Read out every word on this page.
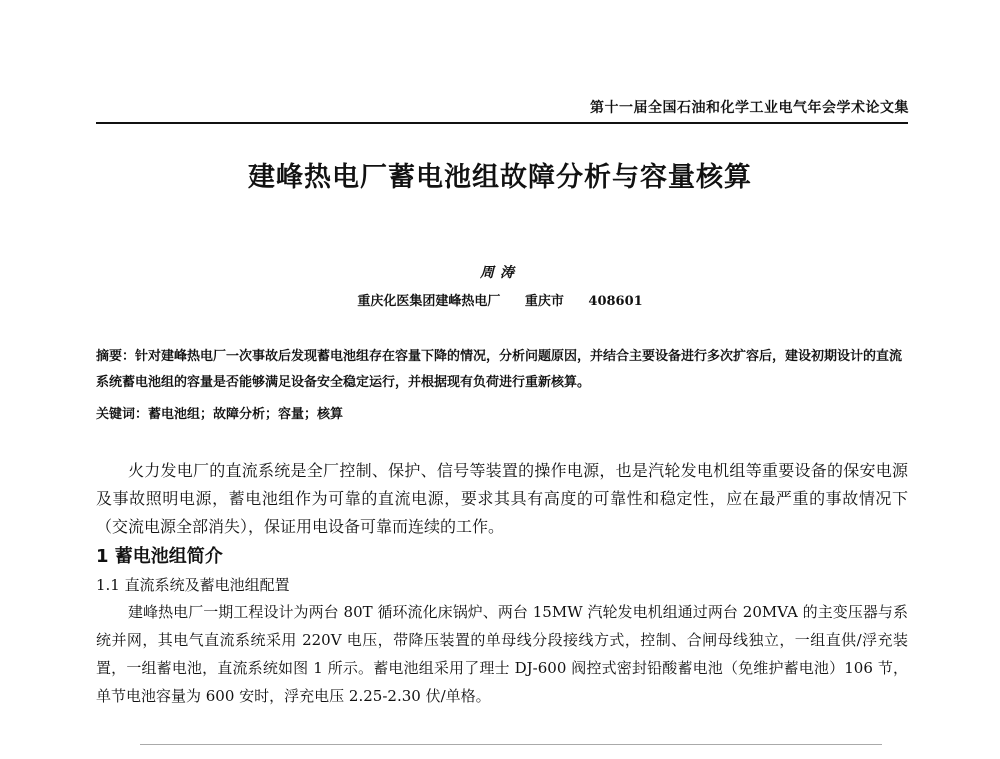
第十一届全国石油和化学工业电气年会学术论文集
建峰热电厂蓄电池组故障分析与容量核算
周涛
重庆化医集团建峰热电厂 重庆市 408601
摘要：针对建峰热电厂一次事故后发现蓄电池组存在容量下降的情况，分析问题原因，并结合主要设备进行多次扩容后，建设初期设计的直流系统蓄电池组的容量是否能够满足设备安全稳定运行，并根据现有负荷进行重新核算。
关键词：蓄电池组；故障分析；容量；核算
火力发电厂的直流系统是全厂控制、保护、信号等装置的操作电源，也是汽轮发电机组等重要设备的保安电源及事故照明电源，蓄电池组作为可靠的直流电源，要求其具有高度的可靠性和稳定性，应在最严重的事故情况下（交流电源全部消失），保证用电设备可靠而连续的工作。
1 蓄电池组简介
1.1 直流系统及蓄电池组配置
建峰热电厂一期工程设计为两台 80T 循环流化床锅炉、两台 15MW 汽轮发电机组通过两台 20MVA 的主变压器与系统并网，其电气直流系统采用 220V 电压，带降压装置的单母线分段接线方式，控制、合闸母线独立，一组直供/浮充装置，一组蓄电池，直流系统如图 1 所示。蓄电池组采用了理士 DJ-600 阀控式密封铅酸蓄电池（免维护蓄电池）106 节，单节电池容量为 600 安时，浮充电压 2.25-2.30 伏/单格。
